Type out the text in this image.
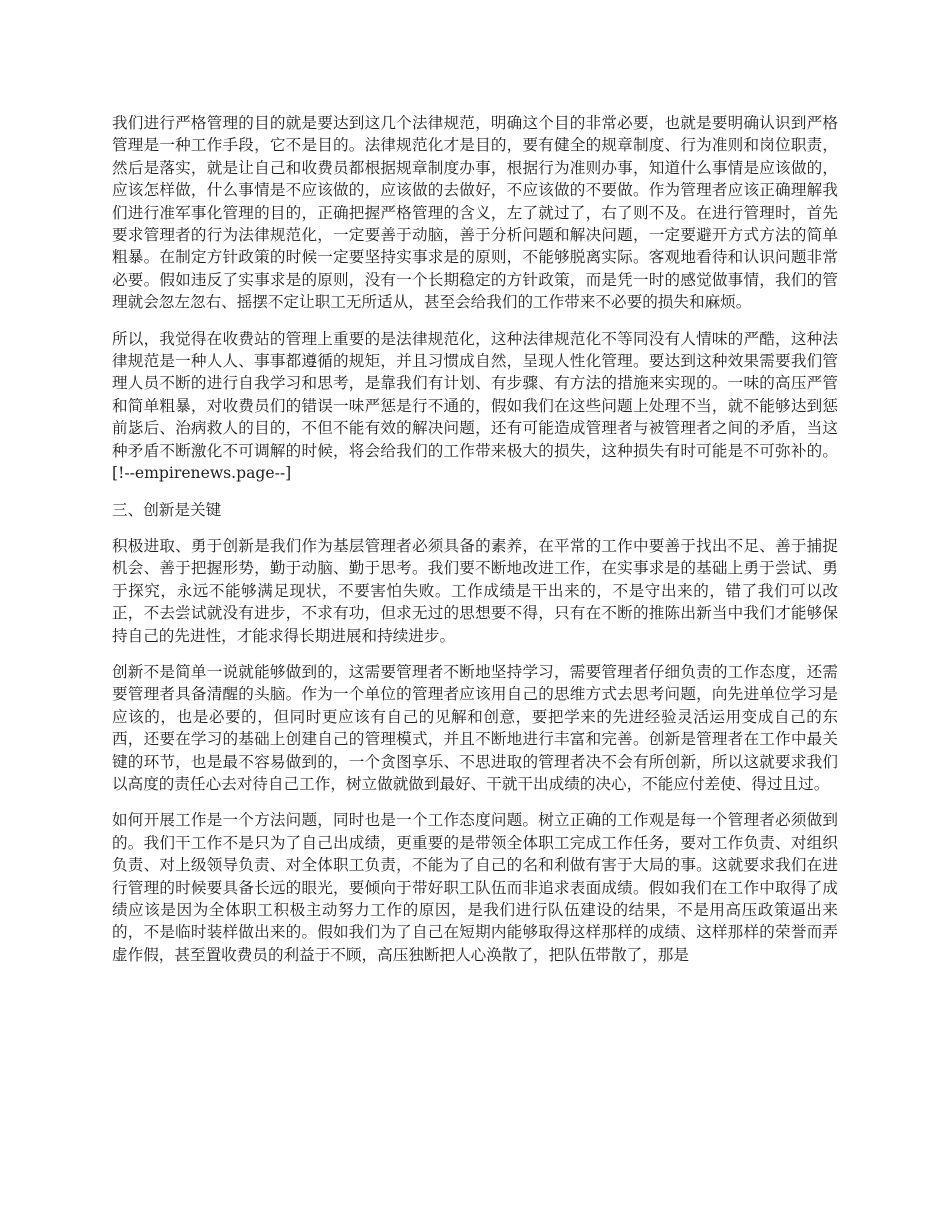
我们进行严格管理的目的就是要达到这几个法律规范，明确这个目的非常必要，也就是要明确认识到严格管理是一种工作手段，它不是目的。法律规范化才是目的，要有健全的规章制度、行为准则和岗位职责，然后是落实，就是让自己和收费员都根据规章制度办事，根据行为准则办事，知道什么事情是应该做的，应该怎样做，什么事情是不应该做的，应该做的去做好，不应该做的不要做。作为管理者应该正确理解我们进行准军事化管理的目的，正确把握严格管理的含义，左了就过了，右了则不及。在进行管理时，首先要求管理者的行为法律规范化，一定要善于动脑，善于分析问题和解决问题，一定要避开方式方法的简单粗暴。在制定方针政策的时候一定要坚持实事求是的原则，不能够脱离实际。客观地看待和认识问题非常必要。假如违反了实事求是的原则，没有一个长期稳定的方针政策，而是凭一时的感觉做事情，我们的管理就会忽左忽右、摇摆不定让职工无所适从，甚至会给我们的工作带来不必要的损失和麻烦。

所以，我觉得在收费站的管理上重要的是法律规范化，这种法律规范化不等同没有人情味的严酷，这种法律规范是一种人人、事事都遵循的规矩，并且习惯成自然，呈现人性化管理。要达到这种效果需要我们管理人员不断的进行自我学习和思考，是靠我们有计划、有步骤、有方法的措施来实现的。一味的高压严管和简单粗暴，对收费员们的错误一味严惩是行不通的，假如我们在这些问题上处理不当，就不能够达到惩前毖后、治病救人的目的，不但不能有效的解决问题，还有可能造成管理者与被管理者之间的矛盾，当这种矛盾不断激化不可调解的时候，将会给我们的工作带来极大的损失，这种损失有时可能是不可弥补的。[!--empirenews.page--]

三、创新是关键

积极进取、勇于创新是我们作为基层管理者必须具备的素养，在平常的工作中要善于找出不足、善于捕捉机会、善于把握形势，勤于动脑、勤于思考。我们要不断地改进工作，在实事求是的基础上勇于尝试、勇于探究，永远不能够满足现状，不要害怕失败。工作成绩是干出来的，不是守出来的，错了我们可以改正，不去尝试就没有进步，不求有功，但求无过的思想要不得，只有在不断的推陈出新当中我们才能够保持自己的先进性，才能求得长期进展和持续进步。

创新不是简单一说就能够做到的，这需要管理者不断地坚持学习，需要管理者仔细负责的工作态度，还需要管理者具备清醒的头脑。作为一个单位的管理者应该用自己的思维方式去思考问题，向先进单位学习是应该的，也是必要的，但同时更应该有自己的见解和创意，要把学来的先进经验灵活运用变成自己的东西，还要在学习的基础上创建自己的管理模式，并且不断地进行丰富和完善。创新是管理者在工作中最关键的环节，也是最不容易做到的，一个贪图享乐、不思进取的管理者决不会有所创新，所以这就要求我们以高度的责任心去对待自己工作，树立做就做到最好、干就干出成绩的决心，不能应付差使、得过且过。

如何开展工作是一个方法问题，同时也是一个工作态度问题。树立正确的工作观是每一个管理者必须做到的。我们干工作不是只为了自己出成绩，更重要的是带领全体职工完成工作任务，要对工作负责、对组织负责、对上级领导负责、对全体职工负责，不能为了自己的名和利做有害于大局的事。这就要求我们在进行管理的时候要具备长远的眼光，要倾向于带好职工队伍而非追求表面成绩。假如我们在工作中取得了成绩应该是因为全体职工积极主动努力工作的原因，是我们进行队伍建设的结果，不是用高压政策逼出来的，不是临时装样做出来的。假如我们为了自己在短期内能够取得这样那样的成绩、这样那样的荣誉而弄虚作假，甚至置收费员的利益于不顾，高压独断把人心涣散了，把队伍带散了，那是
